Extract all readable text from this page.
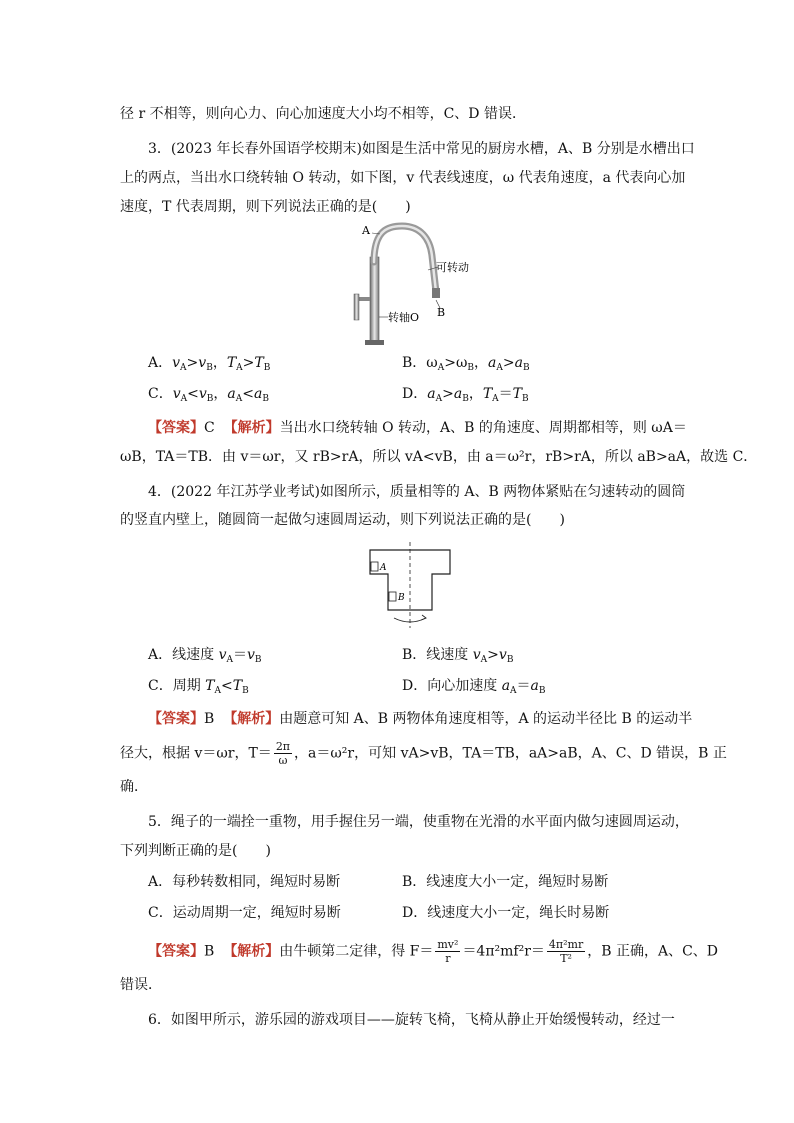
径 r 不相等，则向心力、向心加速度大小均不相等，C、D 错误．
3．(2023 年长春外国语学校期末)如图是生活中常见的厨房水槽，A、B 分别是水槽出口
上的两点，当出水口绕转轴 O 转动，如下图，v 代表线速度，ω 代表角速度，a 代表向心加
速度，T 代表周期，则下列说法正确的是(　　)
A
可转动
B
转轴O
A．$v_A>v_B$，$T_A>T_B$	B．$\omega_A>\omega_B$，$a_A>a_B$
C．$v_A<v_B$，$a_A<a_B$	D．$a_A>a_B$，$T_A=T_B$
【答案】C 【解析】当出水口绕转轴 O 转动，A、B 的角速度、周期都相等，则 ωA＝
ωB，TA＝TB．由 v＝ωr，又 rB>rA，所以 vA<vB，由 a＝ω²r，rB>rA，所以 aB>aA，故选 C．
4．(2022 年江苏学业考试)如图所示，质量相等的 A、B 两物体紧贴在匀速转动的圆筒
的竖直内壁上，随圆筒一起做匀速圆周运动，则下列说法正确的是(　　)
A
B
A．线速度 $v_A=v_B$	B．线速度 $v_A>v_B$
C．周期 $T_A<T_B$	D．向心加速度 $a_A=a_B$
【答案】B 【解析】由题意可知 A、B 两物体角速度相等，A 的运动半径比 B 的运动半
径大，根据 v＝ωr，$T= \frac{2\pi}{\omega}$ ，a＝ω²r，可知 vA>vB，TA＝TB，aA>aB，A、C、D 错误，B 正
确．
5．绳子的一端拴一重物，用手握住另一端，使重物在光滑的水平面内做匀速圆周运动，
下列判断正确的是(　　)
A．每秒转数相同，绳短时易断	B．线速度大小一定，绳短时易断
C．运动周期一定，绳短时易断	D．线速度大小一定，绳长时易断
【答案】B 【解析】由牛顿第二定律，得 $F= \frac{\text{mv²}}{r} =4\pi^2mf^2r= \frac{\text{4π²mr}}{\text{T²}}$ ，B 正确，A、C、D
错误．
6．如图甲所示，游乐园的游戏项目——旋转飞椅，飞椅从静止开始缓慢转动，经过一
